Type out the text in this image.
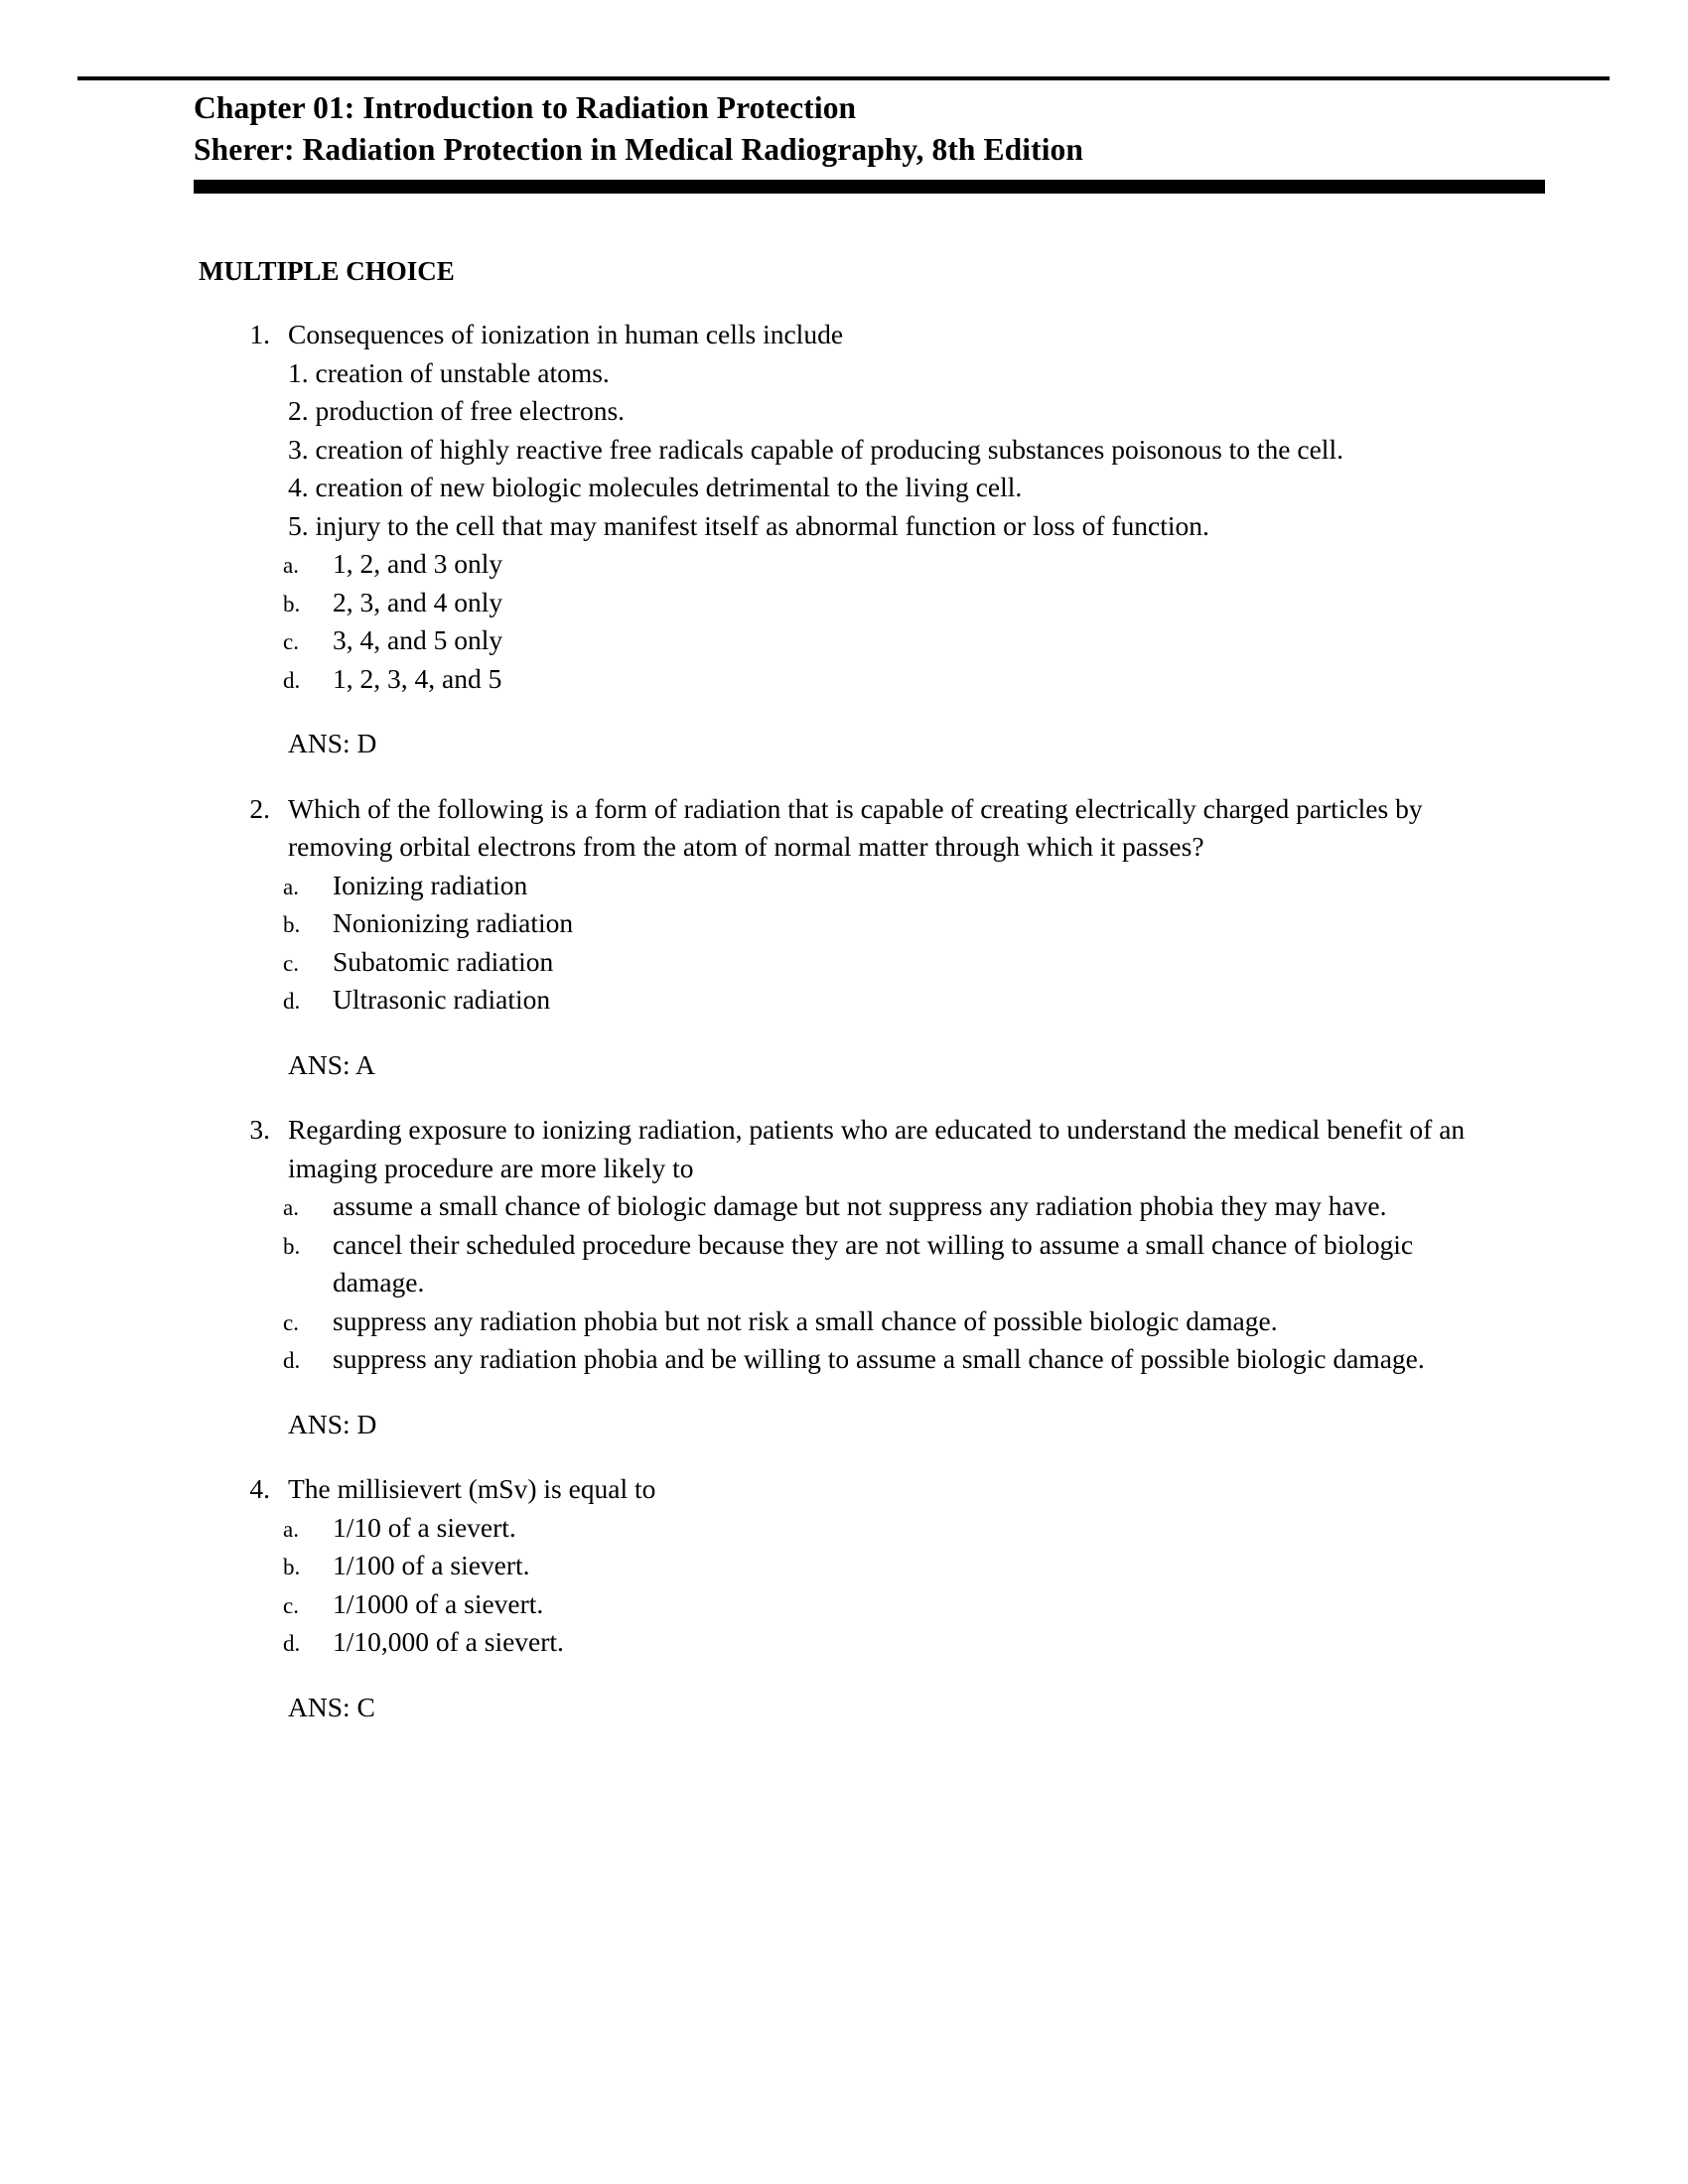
Chapter 01: Introduction to Radiation Protection
Sherer: Radiation Protection in Medical Radiography, 8th Edition
MULTIPLE CHOICE
1. Consequences of ionization in human cells include
1. creation of unstable atoms.
2. production of free electrons.
3. creation of highly reactive free radicals capable of producing substances poisonous to the cell.
4. creation of new biologic molecules detrimental to the living cell.
5. injury to the cell that may manifest itself as abnormal function or loss of function.
a.	1, 2, and 3 only
b.	2, 3, and 4 only
c.	3, 4, and 5 only
d.	1, 2, 3, 4, and 5
ANS: D
2. Which of the following is a form of radiation that is capable of creating electrically charged particles by removing orbital electrons from the atom of normal matter through which it passes?
a.	Ionizing radiation
b.	Nonionizing radiation
c.	Subatomic radiation
d.	Ultrasonic radiation
ANS: A
3. Regarding exposure to ionizing radiation, patients who are educated to understand the medical benefit of an imaging procedure are more likely to
a.	assume a small chance of biologic damage but not suppress any radiation phobia they may have.
b.	cancel their scheduled procedure because they are not willing to assume a small chance of biologic damage.
c.	suppress any radiation phobia but not risk a small chance of possible biologic damage.
d.	suppress any radiation phobia and be willing to assume a small chance of possible biologic damage.
ANS: D
4. The millisievert (mSv) is equal to
a.	1/10 of a sievert.
b.	1/100 of a sievert.
c.	1/1000 of a sievert.
d.	1/10,000 of a sievert.
ANS: C
